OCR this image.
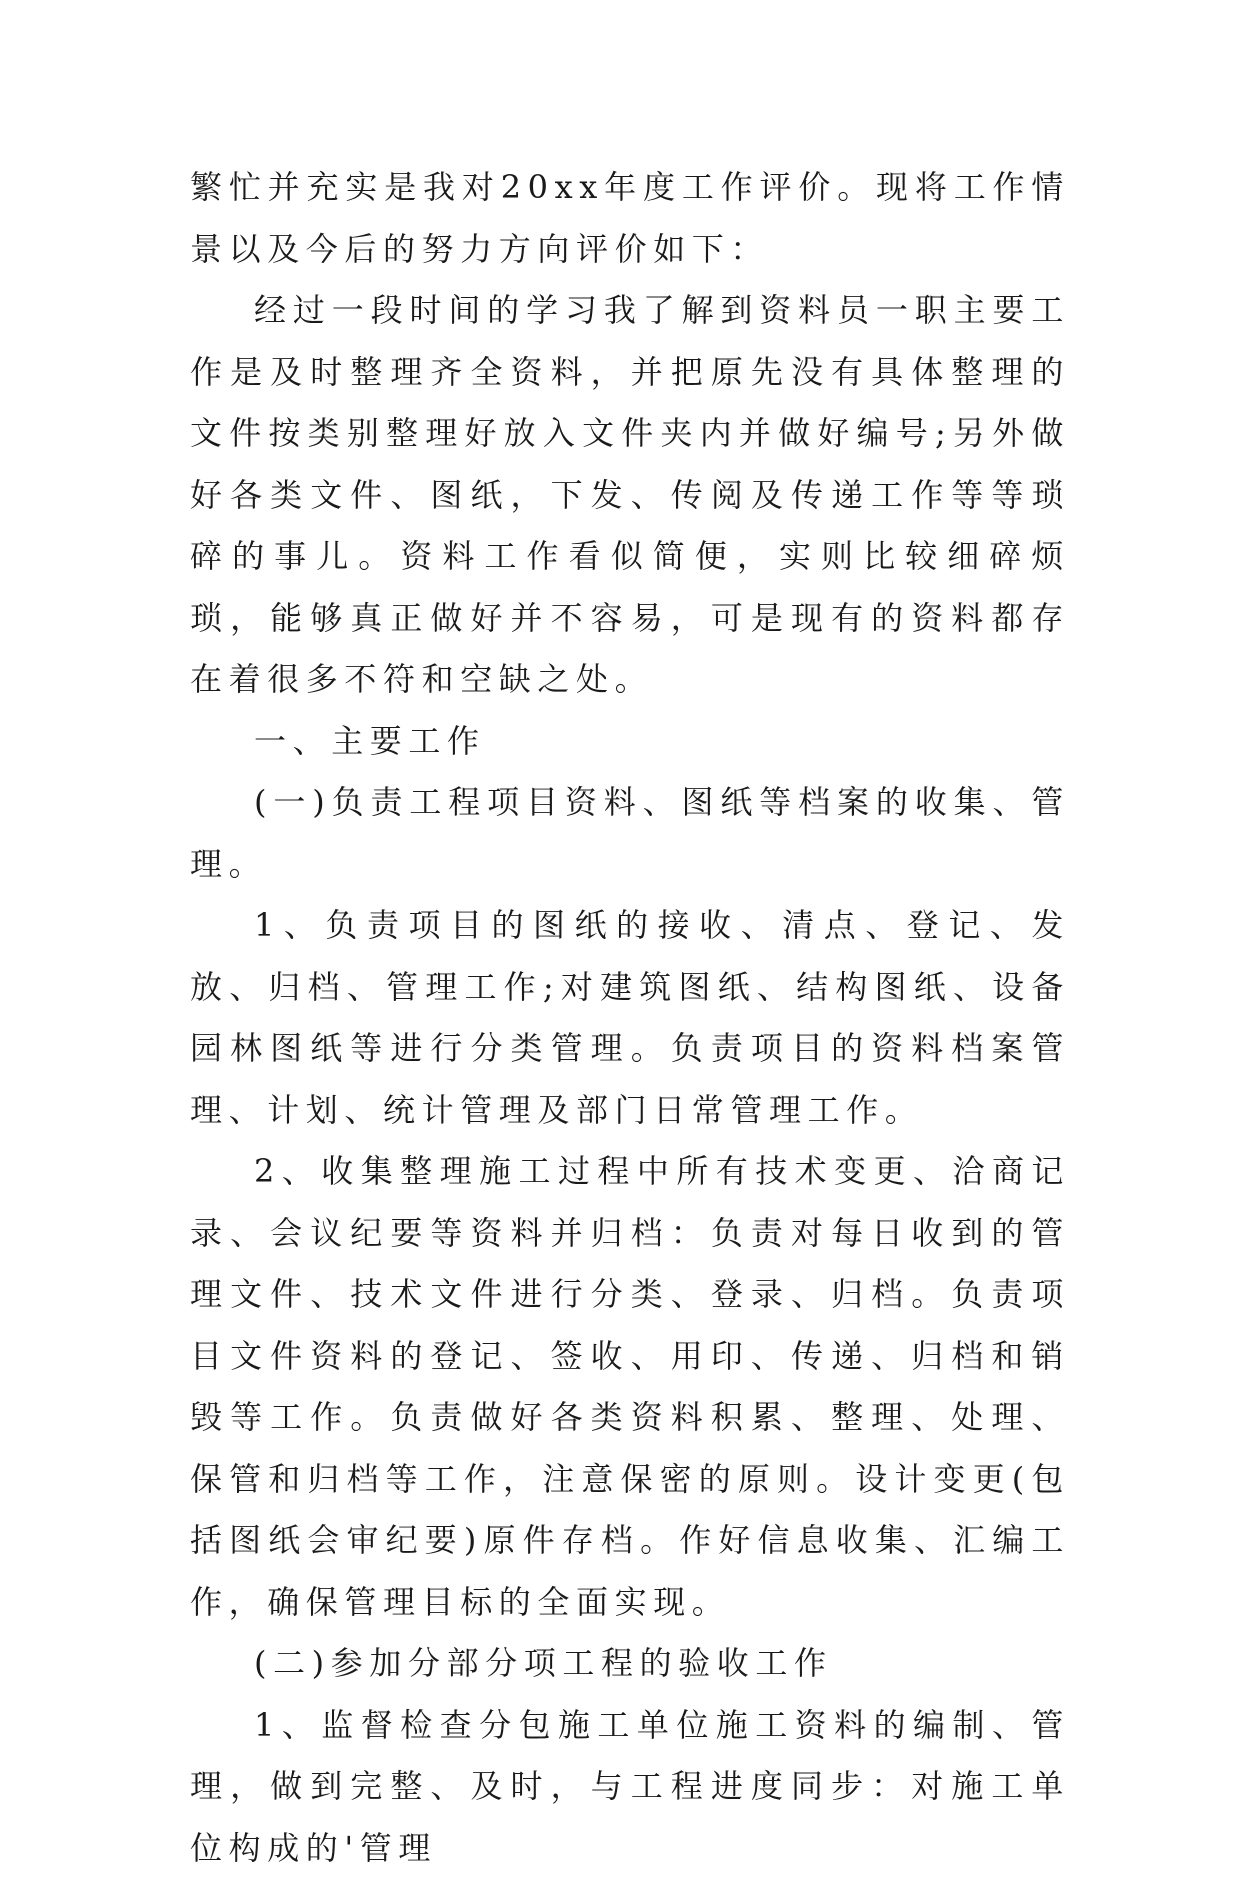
繁忙并充实是我对20xx年度工作评价。现将工作情景以及今后的努力方向评价如下：

经过一段时间的学习我了解到资料员一职主要工作是及时整理齐全资料，并把原先没有具体整理的文件按类别整理好放入文件夹内并做好编号;另外做好各类文件、图纸，下发、传阅及传递工作等等琐碎的事儿。资料工作看似简便，实则比较细碎烦琐，能够真正做好并不容易，可是现有的资料都存在着很多不符和空缺之处。

一、主要工作

(一)负责工程项目资料、图纸等档案的收集、管理。

1、负责项目的图纸的接收、清点、登记、发放、归档、管理工作;对建筑图纸、结构图纸、设备园林图纸等进行分类管理。负责项目的资料档案管理、计划、统计管理及部门日常管理工作。

2、收集整理施工过程中所有技术变更、洽商记录、会议纪要等资料并归档：负责对每日收到的管理文件、技术文件进行分类、登录、归档。负责项目文件资料的登记、签收、用印、传递、归档和销毁等工作。负责做好各类资料积累、整理、处理、保管和归档等工作，注意保密的原则。设计变更(包括图纸会审纪要)原件存档。作好信息收集、汇编工作，确保管理目标的全面实现。

(二)参加分部分项工程的验收工作

1、监督检查分包施工单位施工资料的编制、管理，做到完整、及时，与工程进度同步：对施工单位构成的'管理
